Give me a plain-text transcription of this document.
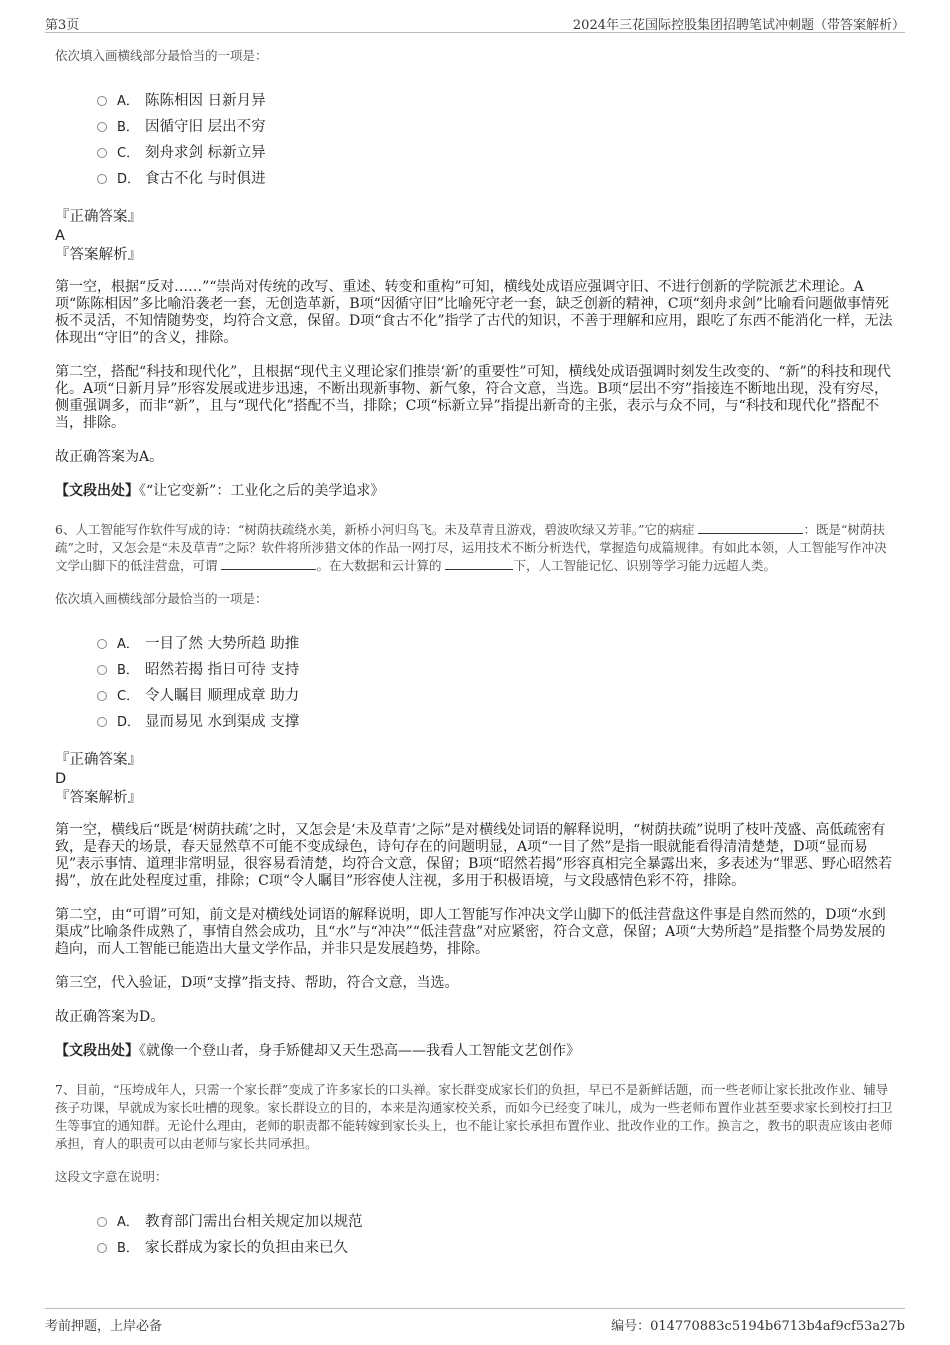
第3页	2024年三花国际控股集团招聘笔试冲刺题（带答案解析）
依次填入画横线部分最恰当的一项是：
A． 陈陈相因 日新月异
B． 因循守旧 层出不穷
C． 刻舟求剑 标新立异
D． 食古不化 与时俱进
『正确答案』
A
『答案解析』

第一空，根据“反对……”“崇尚对传统的改写、重述、转变和重构”可知，横线处成语应强调守旧、不进行创新的学院派艺术理论。A项“陈陈相因”多比喻沿袭老一套，无创造革新，B项“因循守旧”比喻死守老一套，缺乏创新的精神，C项“刻舟求剑”比喻看问题做事情死板不灵活，不知情随势变，均符合文意，保留。D项“食古不化”指学了古代的知识，不善于理解和应用，跟吃了东西不能消化一样，无法体现出“守旧”的含义，排除。

第二空，搭配“科技和现代化”，且根据“现代主义理论家们推崇‘新’的重要性”可知，横线处成语强调时刻发生改变的、“新”的科技和现代化。A项“日新月异”形容发展或进步迅速，不断出现新事物、新气象，符合文意，当选。B项“层出不穷”指接连不断地出现，没有穷尽，侧重强调多，而非“新”，且与“现代化”搭配不当，排除；C项“标新立异”指提出新奇的主张，表示与众不同，与“科技和现代化”搭配不当，排除。

故正确答案为A。

【文段出处】《“让它变新”：工业化之后的美学追求》

6、人工智能写作软件写成的诗：“树荫扶疏绕水美，新桥小河归鸟飞。未及草青且游戏，碧波吹绿又芳菲。”它的病症	：既是“树荫扶疏”之时，又怎会是“未及草青”之际？软件将所涉猎文体的作品一网打尽，运用技术不断分析迭代，掌握造句成篇规律。有如此本领，人工智能写作冲决文学山脚下的低洼营盘，可谓	。在大数据和云计算的	下，人工智能记忆、识别等学习能力远超人类。

依次填入画横线部分最恰当的一项是：
A． 一目了然 大势所趋 助推
B． 昭然若揭 指日可待 支持
C． 令人瞩目 顺理成章 助力
D． 显而易见 水到渠成 支撑
『正确答案』
D
『答案解析』

第一空，横线后“既是‘树荫扶疏’之时，又怎会是‘未及草青’之际”是对横线处词语的解释说明，“树荫扶疏”说明了枝叶茂盛、高低疏密有致，是春天的场景，春天显然草不可能不变成绿色，诗句存在的问题明显，A项“一目了然”是指一眼就能看得清清楚楚，D项“显而易见”表示事情、道理非常明显，很容易看清楚，均符合文意，保留；B项“昭然若揭”形容真相完全暴露出来，多表述为“罪恶、野心昭然若揭”，放在此处程度过重，排除；C项“令人瞩目”形容使人注视，多用于积极语境，与文段感情色彩不符，排除。

第二空，由“可谓”可知，前文是对横线处词语的解释说明，即人工智能写作冲决文学山脚下的低洼营盘这件事是自然而然的，D项“水到渠成”比喻条件成熟了，事情自然会成功，且“水”与“冲决”“低洼营盘”对应紧密，符合文意，保留；A项“大势所趋”是指整个局势发展的趋向，而人工智能已能造出大量文学作品，并非只是发展趋势，排除。

第三空，代入验证，D项“支撑”指支持、帮助，符合文意，当选。

故正确答案为D。

【文段出处】《就像一个登山者，身手矫健却又天生恐高——我看人工智能文艺创作》

7、目前，“压垮成年人，只需一个家长群”变成了许多家长的口头禅。家长群变成家长们的负担，早已不是新鲜话题，而一些老师让家长批改作业、辅导孩子功课，早就成为家长吐槽的现象。家长群设立的目的，本来是沟通家校关系，而如今已经变了味儿，成为一些老师布置作业甚至要求家长到校打扫卫生等事宜的通知群。无论什么理由，老师的职责都不能转嫁到家长头上，也不能让家长承担布置作业、批改作业的工作。换言之，教书的职责应该由老师承担，育人的职责可以由老师与家长共同承担。

这段文字意在说明：
A． 教育部门需出台相关规定加以规范
B． 家长群成为家长的负担由来已久
考前押题，上岸必备	编号：014770883c5194b6713b4af9cf53a27b
